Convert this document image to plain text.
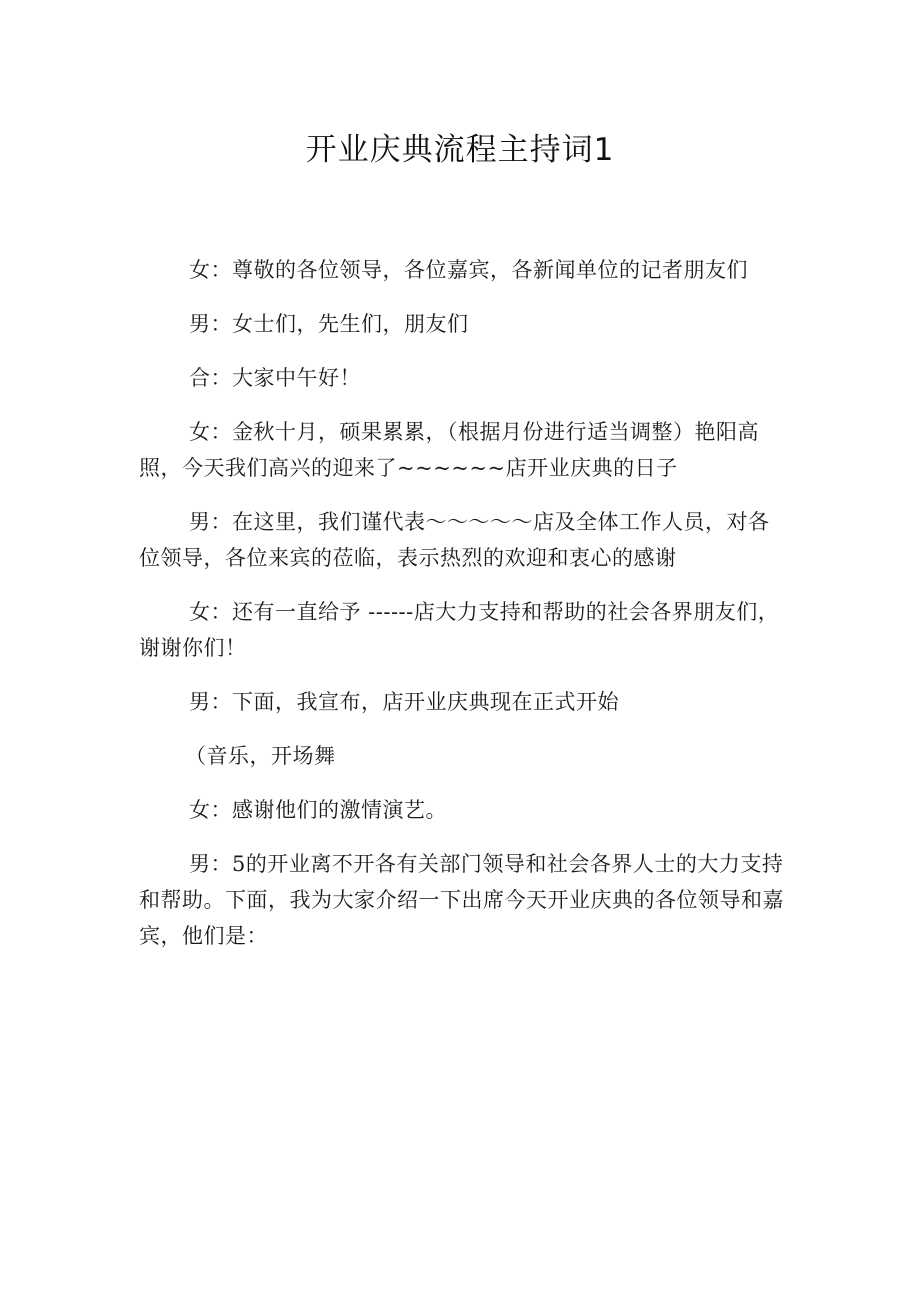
开业庆典流程主持词1

女：尊敬的各位领导，各位嘉宾，各新闻单位的记者朋友们

男：女士们，先生们，朋友们

合：大家中午好！

女：金秋十月，硕果累累，（根据月份进行适当调整）艳阳高照，今天我们高兴的迎来了~~~~~~店开业庆典的日子

男：在这里，我们谨代表～～～～～店及全体工作人员，对各位领导，各位来宾的莅临，表示热烈的欢迎和衷心的感谢

女：还有一直给予 ------店大力支持和帮助的社会各界朋友们，谢谢你们！

男：下面，我宣布，店开业庆典现在正式开始

（音乐，开场舞

女：感谢他们的激情演艺。

男：5的开业离不开各有关部门领导和社会各界人士的大力支持和帮助。下面，我为大家介绍一下出席今天开业庆典的各位领导和嘉宾，他们是：
